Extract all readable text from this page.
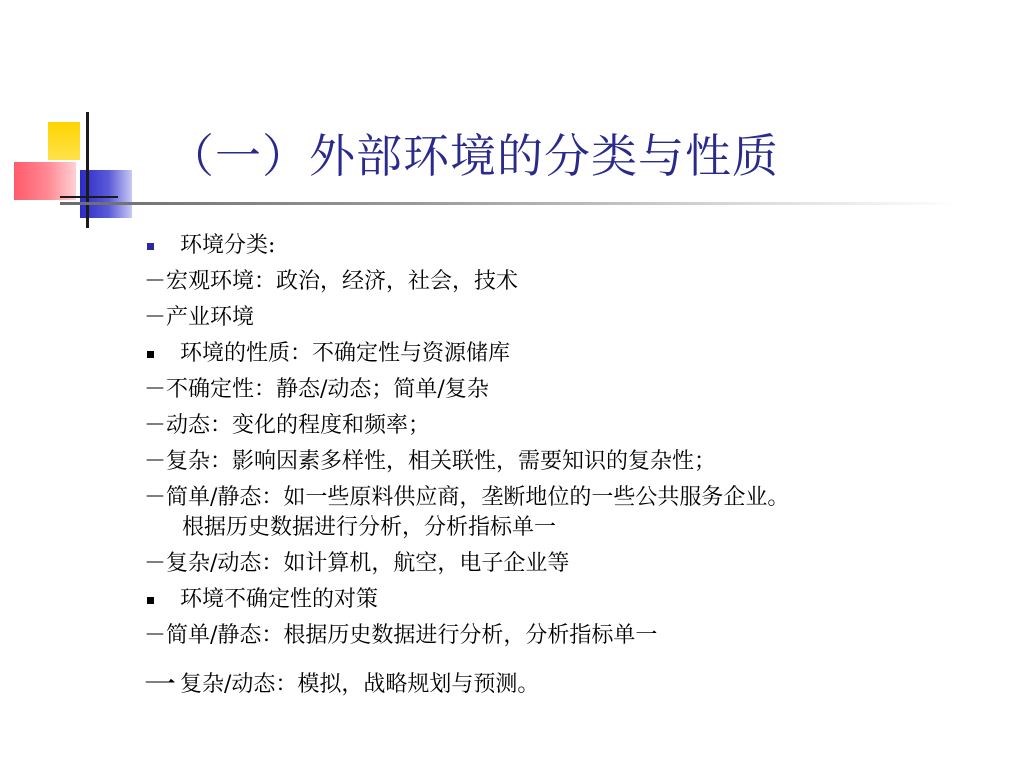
（一）外部环境的分类与性质
环境分类:
－宏观环境：政治，经济，社会，技术
－产业环境
环境的性质：不确定性与资源储库
－不确定性：静态/动态；简单/复杂
－动态：变化的程度和频率；
－复杂：影响因素多样性，相关联性，需要知识的复杂性；
－简单/静态：如一些原料供应商，垄断地位的一些公共服务企业。
根据历史数据进行分析，分析指标单一
－复杂/动态：如计算机，航空，电子企业等
环境不确定性的对策
－简单/静态：根据历史数据进行分析，分析指标单一
一 复杂/动态：模拟，战略规划与预测。
